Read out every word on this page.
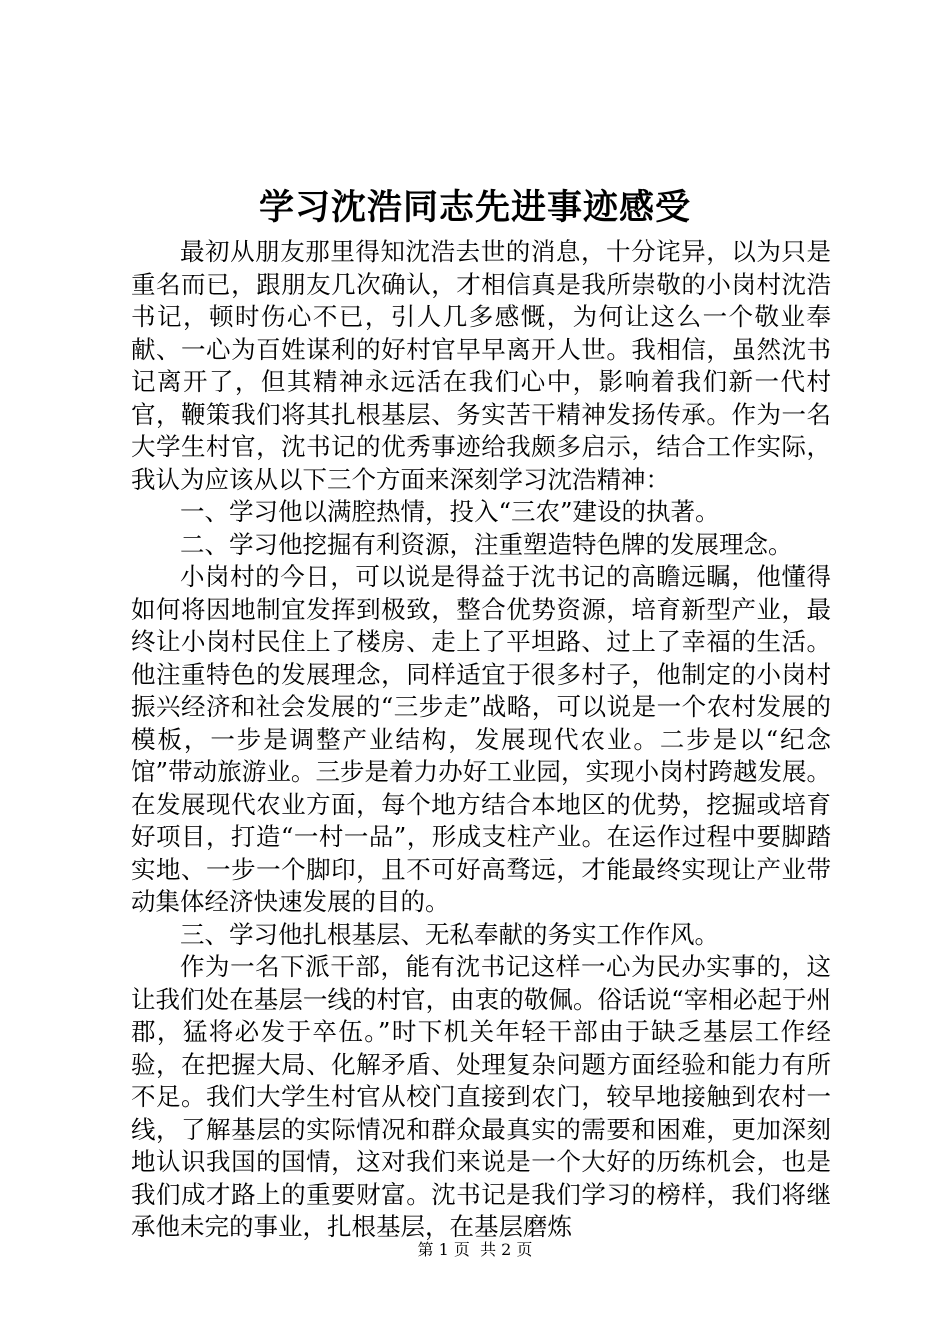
学习沈浩同志先进事迹感受

最初从朋友那里得知沈浩去世的消息，十分诧异，以为只是重名而已，跟朋友几次确认，才相信真是我所崇敬的小岗村沈浩书记，顿时伤心不已，引人几多感慨，为何让这么一个敬业奉献、一心为百姓谋利的好村官早早离开人世。我相信，虽然沈书记离开了，但其精神永远活在我们心中，影响着我们新一代村官，鞭策我们将其扎根基层、务实苦干精神发扬传承。作为一名大学生村官，沈书记的优秀事迹给我颇多启示，结合工作实际，我认为应该从以下三个方面来深刻学习沈浩精神：

一、学习他以满腔热情，投入“三农”建设的执著。

二、学习他挖掘有利资源，注重塑造特色牌的发展理念。

小岗村的今日，可以说是得益于沈书记的高瞻远瞩，他懂得如何将因地制宜发挥到极致，整合优势资源，培育新型产业，最终让小岗村民住上了楼房、走上了平坦路、过上了幸福的生活。他注重特色的发展理念，同样适宜于很多村子，他制定的小岗村振兴经济和社会发展的“三步走”战略，可以说是一个农村发展的模板，一步是调整产业结构，发展现代农业。二步是以“纪念馆”带动旅游业。三步是着力办好工业园，实现小岗村跨越发展。在发展现代农业方面，每个地方结合本地区的优势，挖掘或培育好项目，打造“一村一品”，形成支柱产业。在运作过程中要脚踏实地、一步一个脚印，且不可好高骛远，才能最终实现让产业带动集体经济快速发展的目的。

三、学习他扎根基层、无私奉献的务实工作作风。

作为一名下派干部，能有沈书记这样一心为民办实事的，这让我们处在基层一线的村官，由衷的敬佩。俗话说“宰相必起于州郡，猛将必发于卒伍。”时下机关年轻干部由于缺乏基层工作经验，在把握大局、化解矛盾、处理复杂问题方面经验和能力有所不足。我们大学生村官从校门直接到农门，较早地接触到农村一线，了解基层的实际情况和群众最真实的需要和困难，更加深刻地认识我国的国情，这对我们来说是一个大好的历练机会，也是我们成才路上的重要财富。沈书记是我们学习的榜样，我们将继承他未完的事业，扎根基层，在基层磨炼

第 1 页  共 2 页
